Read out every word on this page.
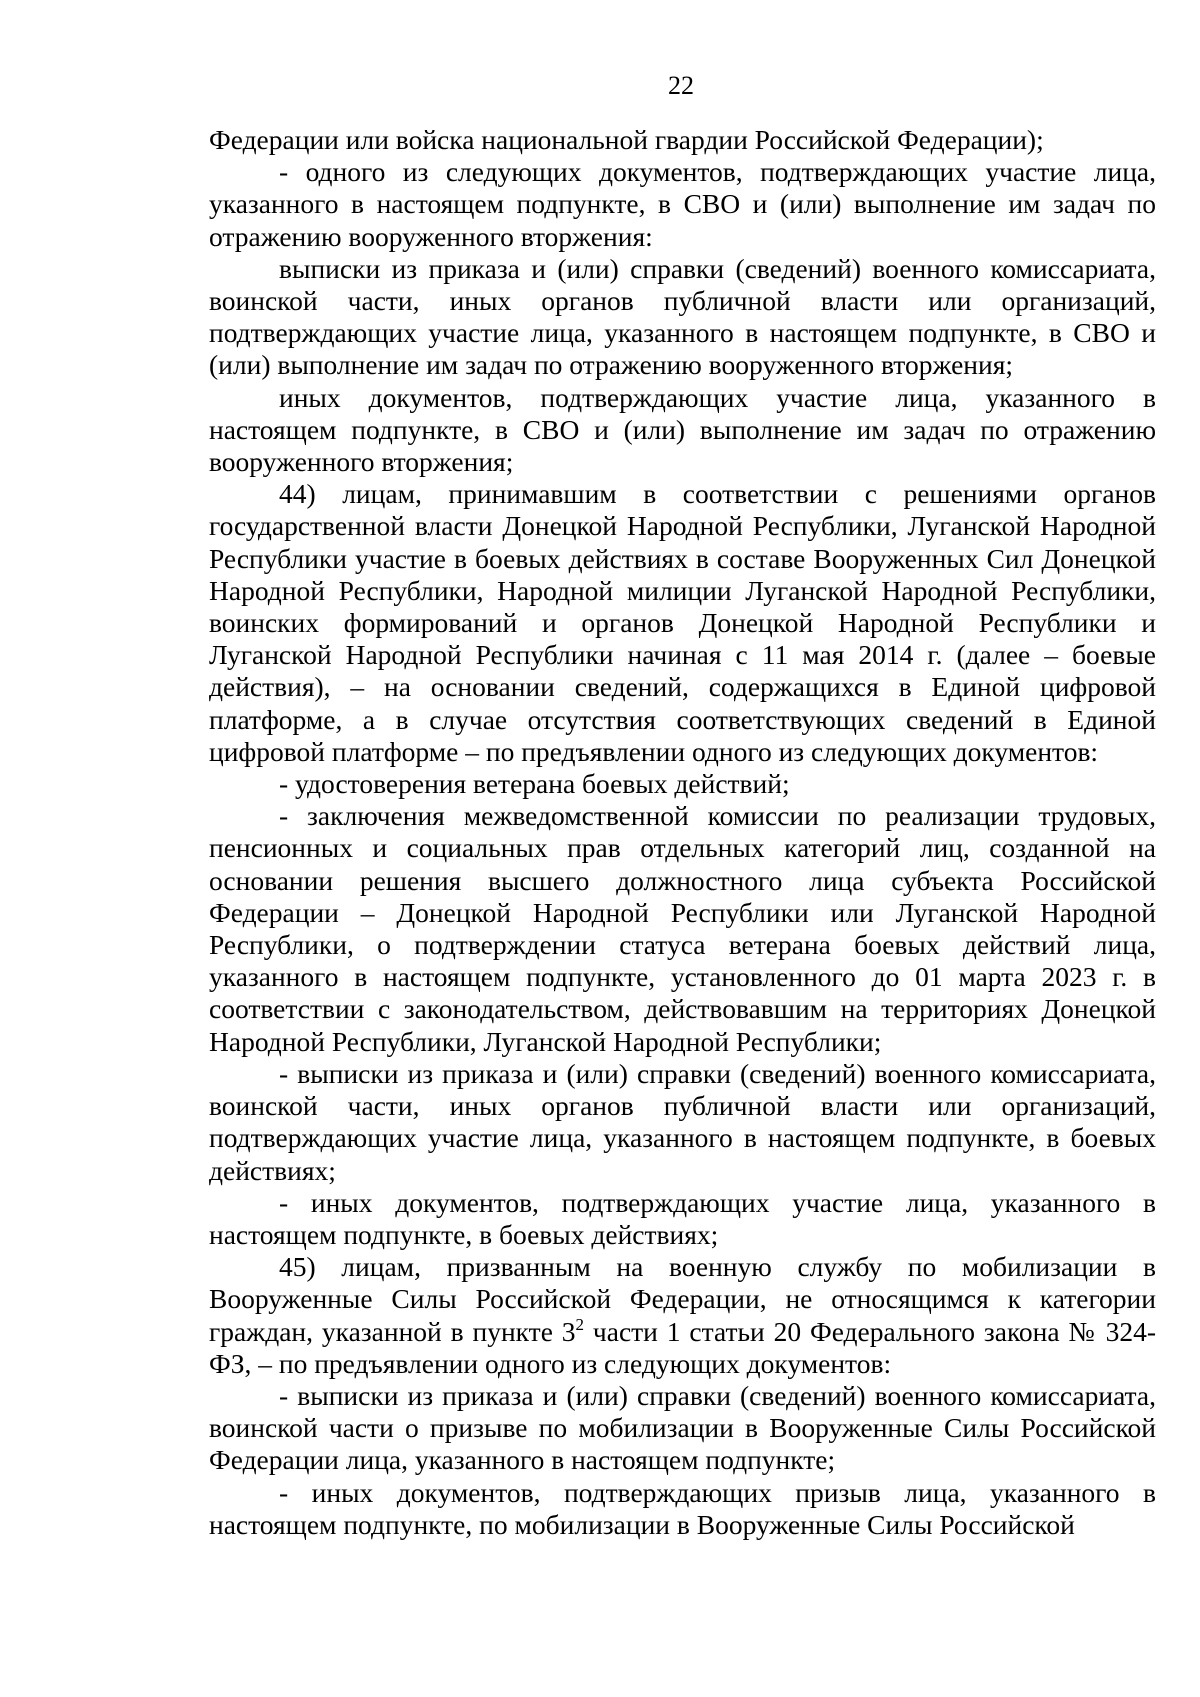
22

Федерации или войска национальной гвардии Российской Федерации);

- одного из следующих документов, подтверждающих участие лица, указанного в настоящем подпункте, в СВО и (или) выполнение им задач по отражению вооруженного вторжения:

выписки из приказа и (или) справки (сведений) военного комиссариата, воинской части, иных органов публичной власти или организаций, подтверждающих участие лица, указанного в настоящем подпункте, в СВО и (или) выполнение им задач по отражению вооруженного вторжения;

иных документов, подтверждающих участие лица, указанного в настоящем подпункте, в СВО и (или) выполнение им задач по отражению вооруженного вторжения;

44) лицам, принимавшим в соответствии с решениями органов государственной власти Донецкой Народной Республики, Луганской Народной Республики участие в боевых действиях в составе Вооруженных Сил Донецкой Народной Республики, Народной милиции Луганской Народной Республики, воинских формирований и органов Донецкой Народной Республики и Луганской Народной Республики начиная с 11 мая 2014 г. (далее – боевые действия), – на основании сведений, содержащихся в Единой цифровой платформе, а в случае отсутствия соответствующих сведений в Единой цифровой платформе – по предъявлении одного из следующих документов:

- удостоверения ветерана боевых действий;

- заключения межведомственной комиссии по реализации трудовых, пенсионных и социальных прав отдельных категорий лиц, созданной на основании решения высшего должностного лица субъекта Российской Федерации – Донецкой Народной Республики или Луганской Народной Республики, о подтверждении статуса ветерана боевых действий лица, указанного в настоящем подпункте, установленного до 01 марта 2023 г. в соответствии с законодательством, действовавшим на территориях Донецкой Народной Республики, Луганской Народной Республики;

- выписки из приказа и (или) справки (сведений) военного комиссариата, воинской части, иных органов публичной власти или организаций, подтверждающих участие лица, указанного в настоящем подпункте, в боевых действиях;

- иных документов, подтверждающих участие лица, указанного в настоящем подпункте, в боевых действиях;

45) лицам, призванным на военную службу по мобилизации в Вооруженные Силы Российской Федерации, не относящимся к категории граждан, указанной в пункте $3^2$ части 1 статьи 20 Федерального закона № 324-ФЗ, – по предъявлении одного из следующих документов:

- выписки из приказа и (или) справки (сведений) военного комиссариата, воинской части о призыве по мобилизации в Вооруженные Силы Российской Федерации лица, указанного в настоящем подпункте;

- иных документов, подтверждающих призыв лица, указанного в настоящем подпункте, по мобилизации в Вооруженные Силы Российской
